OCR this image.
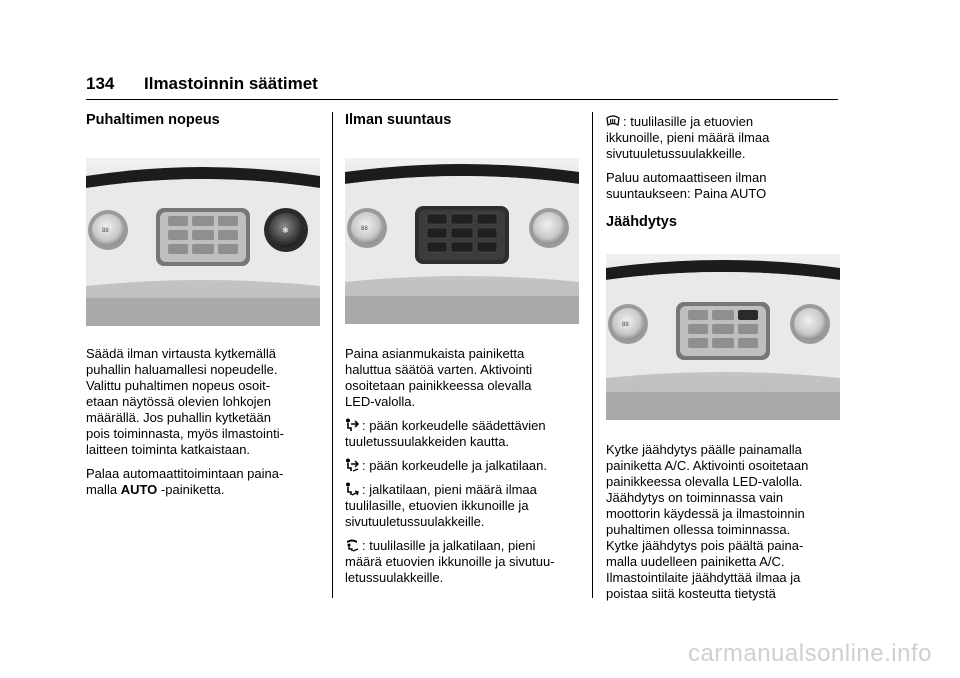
134 Ilmastoinnin säätimet
Puhaltimen nopeus
88	✱

Säädä ilman virtausta kytkemällä
puhallin haluamallesi nopeudelle.
Valittu puhaltimen nopeus osoit-
etaan näytössä olevien lohkojen
määrällä. Jos puhallin kytketään
pois toiminnasta, myös ilmastointi-
laitteen toiminta katkaistaan.

Palaa automaattitoimintaan paina-
malla AUTO -painiketta.

Ilman suuntaus
88

Paina asianmukaista painiketta
haluttua säätöä varten. Aktivointi
osoitetaan painikkeessa olevalla
LED-valolla.

: pään korkeudelle säädettävien
tuuletussuulakkeiden kautta.

: pään korkeudelle ja jalkatilaan.

: jalkatilaan, pieni määrä ilmaa
tuulilasille, etuovien ikkunoille ja
sivutuuletussuulakkeille.

: tuulilasille ja jalkatilaan, pieni
määrä etuovien ikkunoille ja sivutuu-
letussuulakkeille.

: tuulilasille ja etuovien
ikkunoille, pieni määrä ilmaa
sivutuuletussuulakkeille.

Paluu automaattiseen ilman
suuntaukseen: Paina AUTO

Jäähdytys
88

Kytke jäähdytys päälle painamalla
painiketta A/C. Aktivointi osoitetaan
painikkeessa olevalla LED-valolla.
Jäähdytys on toiminnassa vain
moottorin käydessä ja ilmastoinnin
puhaltimen ollessa toiminnassa.
Kytke jäähdytys pois päältä paina-
malla uudelleen painiketta A/C.
Ilmastointilaite jäähdyttää ilmaa ja
poistaa siitä kosteutta tietystä

carmanualsonline.info
